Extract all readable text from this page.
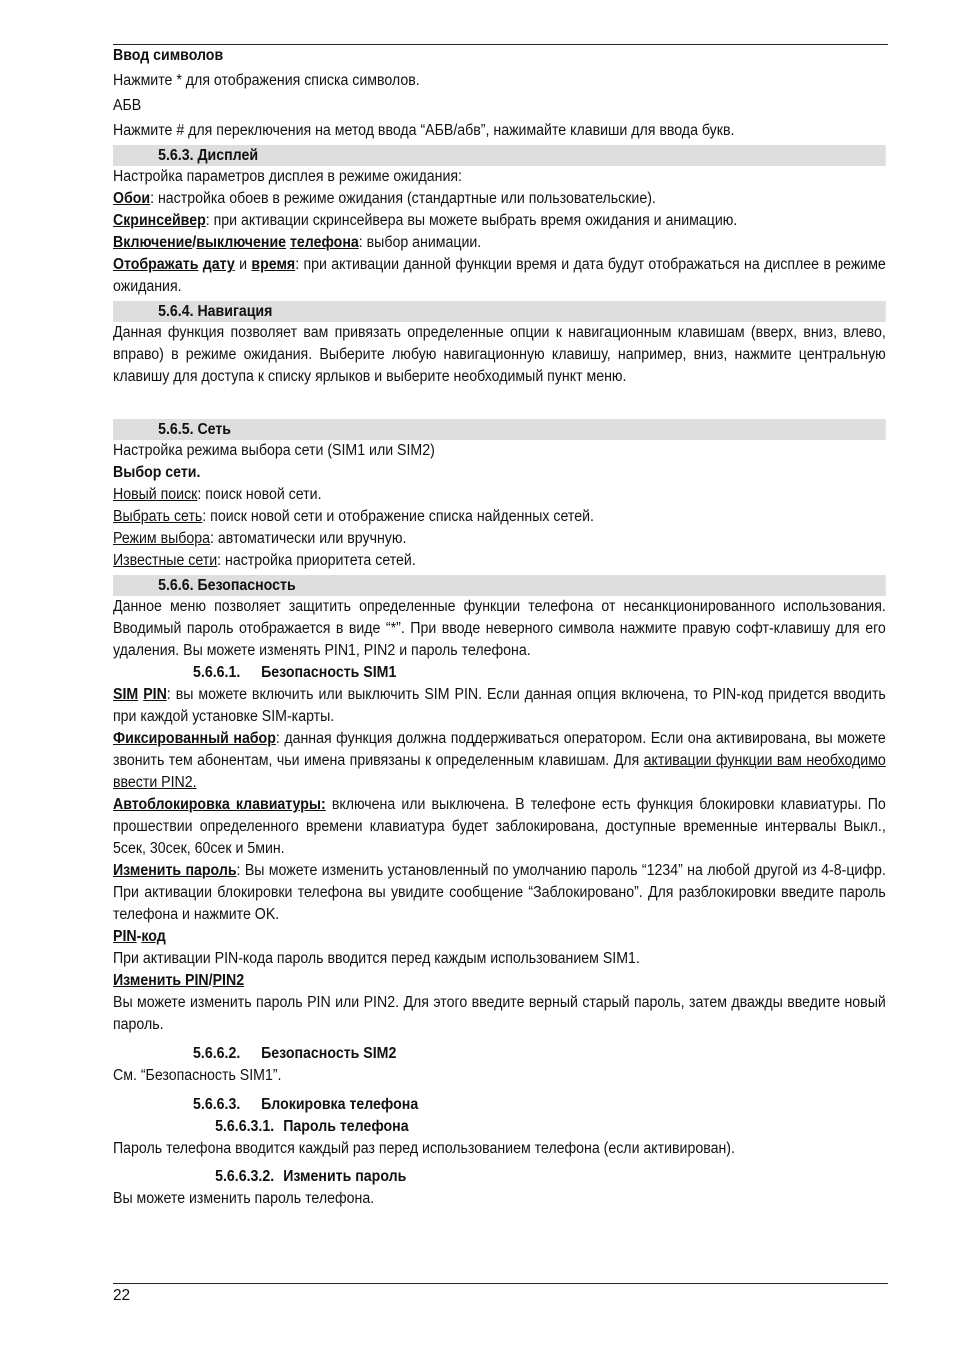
Ввод символов

Нажмите * для отображения списка символов.

АБВ

Нажмите # для переключения на метод ввода “АБВ/абв”, нажимайте клавиши для ввода букв.

5.6.3. Дисплей

Настройка параметров дисплея в режиме ожидания:

Обои: настройка обоев в режиме ожидания (стандартные или пользовательские).

Скринсейвер: при активации скринсейвера вы можете выбрать время ожидания и анимацию.

Включение/выключение телефона: выбор анимации.

Отображать дату и время: при активации данной функции время и дата будут отображаться на дисплее в режиме ожидания.

5.6.4. Навигация

Данная функция позволяет вам привязать определенные опции к навигационным клавишам (вверх, вниз, влево, вправо) в режиме ожидания. Выберите любую навигационную клавишу, например, вниз, нажмите центральную клавишу для доступа к списку ярлыков и выберите необходимый пункт меню.

5.6.5. Сеть

Настройка режима выбора сети (SIM1 или SIM2)

Выбор сети.

Новый поиск: поиск новой сети.

Выбрать сеть: поиск новой сети и отображение списка найденных сетей.

Режим выбора: автоматически или вручную.

Известные сети: настройка приоритета сетей.

5.6.6. Безопасность

Данное меню позволяет защитить определенные функции телефона от несанкционированного использования. Вводимый пароль отображается в виде “*”. При вводе неверного символа нажмите правую софт-клавишу для его удаления. Вы можете изменять PIN1, PIN2 и пароль телефона.

5.6.6.1. Безопасность SIM1

SIM PIN: вы можете включить или выключить SIM PIN. Если данная опция включена, то PIN-код придется вводить при каждой установке SIM-карты.

Фиксированный набор: данная функция должна поддерживаться оператором. Если она активирована, вы можете звонить тем абонентам, чьи имена привязаны к определенным клавишам. Для активации функции вам необходимо ввести PIN2.

Автоблокировка клавиатуры: включена или выключена. В телефоне есть функция блокировки клавиатуры. По прошествии определенного времени клавиатура будет заблокирована, доступные временные интервалы Выкл., 5сек, 30сек, 60сек и 5мин.

Изменить пароль: Вы можете изменить установленный по умолчанию пароль “1234” на любой другой из 4-8-цифр. При активации блокировки телефона вы увидите сообщение “Заблокировано”. Для разблокировки введите пароль телефона и нажмите OK.

PIN-код

При активации PIN-кода пароль вводится перед каждым использованием SIM1.

Изменить PIN/PIN2

Вы можете изменить пароль PIN или PIN2. Для этого введите верный старый пароль, затем дважды введите новый пароль.

5.6.6.2. Безопасность SIM2

См. “Безопасность SIM1”.

5.6.6.3. Блокировка телефона

5.6.6.3.1. Пароль телефона

Пароль телефона вводится каждый раз перед использованием телефона (если активирован).

5.6.6.3.2. Изменить пароль

Вы можете изменить пароль телефона.

22
